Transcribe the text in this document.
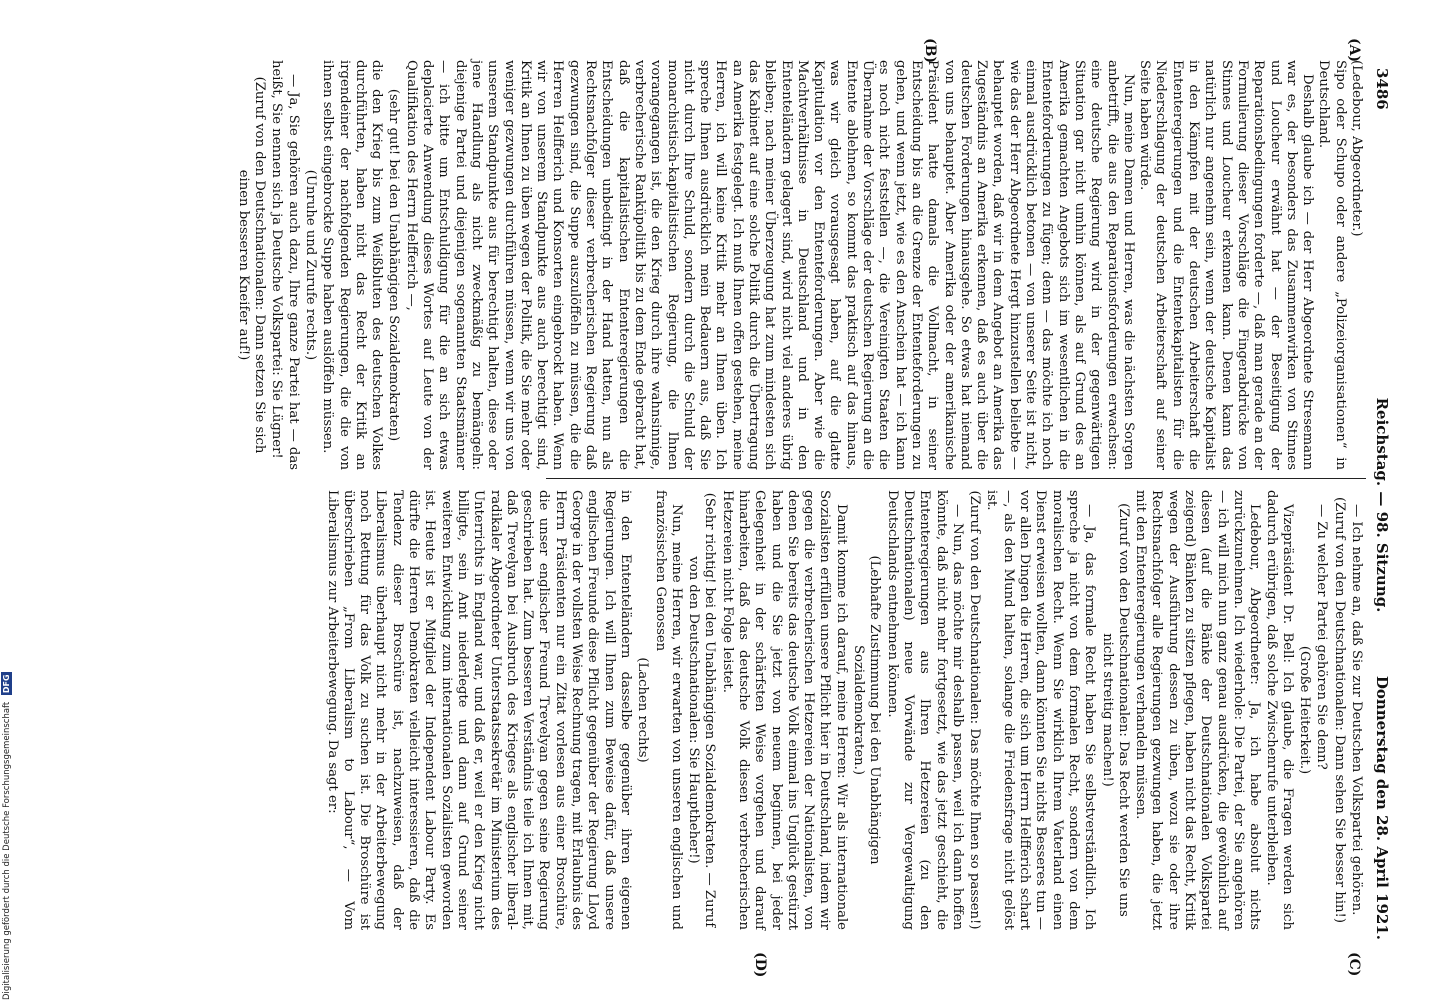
3486
Reichstag. — 98. Sitzung.
Donnerstag den 28. April 1921.
(A)
(B)
(C)
(D)

(Ledebour, Abgeordneter.)

Sipo oder Schupo oder andere „Polizeiorganisationen“ in Deutschland.

Deshalb glaube ich — der Herr Abgeordnete Stresemann war es, der besonders das Zusammenwirken von Stinnes und Loucheur erwähnt hat — der Beseitigung der Reparationsbedingungen forderte —, daß man gerade an der Formulierung dieser Vorschläge die Fingerabdrücke von Stinnes und Loucheur erkennen kann. Denen kann das natürlich nur angenehm sein, wenn der deutsche Kapitalist in den Kämpfen mit der deutschen Arbeiterschaft die Ententeregierungen und die Ententekapitalisten für die Niederschlagung der deutschen Arbeiterschaft auf seiner Seite haben würde.

Nun, meine Damen und Herren, was die nächsten Sorgen anbetrifft, die aus den Reparationsforderungen erwachsen: eine deutsche Regierung wird in der gegenwärtigen Situation gar nicht umhin können, als auf Grund des an Amerika gemachten Angebots sich im wesentlichen in die Ententeforderungen zu fügen; denn — das möchte ich noch einmal ausdrücklich betonen — von unserer Seite ist nicht, wie das der Herr Abgeordnete Hergt hinzustellen beliebte — behauptet worden, daß wir in dem Angebot an Amerika das Zugeständnis an Amerika erkennen, daß es auch über die deutschen Forderungen hinausgehe. So etwas hat niemand von uns behauptet. Aber Amerika oder der amerikanische Präsident hatte damals die Vollmacht, in seiner Entscheidung bis an die Grenze der Ententeforderungen zu gehen, und wenn jetzt, wie es den Anschein hat — ich kann es noch nicht feststellen —, die Vereinigten Staaten die Übernahme der Vorschläge der deutschen Regierung an die Entente ablehnen, so kommt das praktisch auf das hinaus, was wir gleich vorausgesagt haben, auf die glatte Kapitulation vor den Ententeforderungen. Aber wie die Machtverhältnisse in Deutschland und in den Ententeländern gelagert sind, wird nicht viel anderes übrig bleiben; nach meiner Überzeugung hat zum mindesten sich das Kabinett auf eine solche Politik durch die Übertragung an Amerika festgelegt. Ich muß Ihnen offen gestehen, meine Herren, ich will keine Kritik mehr an Ihnen üben. Ich spreche Ihnen ausdrücklich mein Bedauern aus, daß Sie nicht durch Ihre Schuld, sondern durch die Schuld der monarchistisch-kapitalistischen Regierung, die Ihnen vorangegangen ist, die den Krieg durch ihre wahnsinnige, verbrecherische Ranküpolitik bis zu dem Ende gebracht hat, daß die kapitalistischen Ententeregierungen die Entscheidungen unbedingt in der Hand hatten, nun als Rechtsnachfolger dieser verbrecherischen Regierung daß gezwungen sind, die Suppe auszulöffeln zu müssen, die die Herren Helfferich und Konsorten eingebrockt haben. Wenn wir von unserem Standpunkte aus auch berechtigt sind, Kritik an Ihnen zu üben wegen der Politik, die Sie mehr oder weniger gezwungen durchführen müssen, wenn wir uns von unserem Standpunkte aus für berechtigt halten, diese oder jene Handlung als nicht zweckmäßig zu bemängeln: diejenige Partei und diejenigen sogenannten Staatsmänner — ich bitte um Entschuldigung für die an sich etwas deplacierte Anwendung dieses Wortes auf Leute von der Qualifikation des Herrn Helfferich —,

(sehr gut! bei den Unabhängigen Sozialdemokraten)

die den Krieg bis zum Weißbluten des deutschen Volkes durchführten, haben nicht das Recht der Kritik an irgendeiner der nachfolgenden Regierungen, die die von ihnen selbst eingebrockte Suppe haben auslöffeln müssen.

(Unruhe und Zurufe rechts.)

— Ja, Sie gehören auch dazu, Ihre ganze Partei hat — das heißt, Sie nennen sich ja Deutsche Volkspartei: Sie Lügner!

(Zuruf von den Deutschnationalen: Dann setzen Sie sich einen besseren Kneifer auf!)

— Ich nehme an, daß Sie zur Deutschen Volkspartei gehören.

(Zuruf von den Deutschnationalen: Dann sehen Sie besser hin!)

— Zu welcher Partei gehören Sie denn?

(Große Heiterkeit.)

Vizepräsident Dr. Bell: Ich glaube, die Fragen werden sich dadurch erübrigen, daß solche Zwischenrufe unterbleiben.

Ledebour, Abgeordneter: Ja, ich habe absolut nichts zurückzunehmen. Ich wiederhole: Die Partei, der Sie angehören — ich will mich nun ganz genau ausdrücken, die gewöhnlich auf diesen (auf die Bänke der Deutschnationalen Volkspartei zeigend) Bänken zu sitzen pflegen, haben nicht das Recht, Kritik wegen der Ausführung dessen zu üben, wozu sie oder ihre Rechtsnachfolger alle Regierungen gezwungen haben, die jetzt mit den Ententeregierungen verhandeln müssen.

(Zuruf von den Deutschnationalen: Das Recht werden Sie uns nicht streitig machen!)

— Ja, das formale Recht haben Sie selbstverständlich. Ich spreche ja nicht von dem formalen Recht, sondern von dem moralischen Recht. Wenn Sie wirklich Ihrem Vaterland einen Dienst erweisen wollten, dann könnten Sie nichts Besseres tun — vor allen Dingen die Herren, die sich um Herrn Helfferich schart —, als den Mund halten, solange die Friedensfrage nicht gelöst ist.

(Zuruf von den Deutschnationalen: Das möchte Ihnen so passen!)

— Nun, das möchte mir deshalb passen, weil ich dann hoffen könnte, daß nicht mehr fortgesetzt, wie das jetzt geschieht, die Ententeregierungen aus Ihren Hetzereien (zu den Deutschnationalen) neue Vorwände zur Vergewaltigung Deutschlands entnehmen können.

(Lebhafte Zustimmung bei den Unabhängigen Sozialdemokraten.)

Damit komme ich darauf, meine Herren: Wir als internationale Sozialisten erfüllen unsere Pflicht hier in Deutschland, indem wir gegen die verbrecherischen Hetzereien der Nationalisten, von denen Sie bereits das deutsche Volk einmal ins Unglück gestürzt haben und die Sie jetzt von neuem beginnen, bei jeder Gelegenheit in der schärfsten Weise vorgehen und darauf hinarbeiten, daß das deutsche Volk diesen verbrecherischen Hetzereien nicht Folge leistet.

(Sehr richtig! bei den Unabhängigen Sozialdemokraten. — Zuruf von den Deutschnationalen: Sie Hauptheher!)

Nun, meine Herren, wir erwarten von unseren englischen und französischen Genossen

(Lachen rechts)

in den Ententeländern dasselbe gegenüber ihren eigenen Regierungen. Ich will Ihnen zum Beweise dafür, daß unsere englischen Freunde diese Pflicht gegenüber der Regierung Lloyd George in der vollsten Weise Rechnung tragen, mit Erlaubnis des Herrn Präsidenten nur ein Zitat vorlesen aus einer Broschüre, die unser englischer Freund Trevelyan gegen seine Regierung geschrieben hat. Zum besseren Verständnis teile ich Ihnen mit, daß Trevelyan bei Ausbruch des Krieges als englischer liberal-radikaler Abgeordneter Unterstaatssekretär im Ministerium des Unterrichts in England war, und daß er, weil er den Krieg nicht billigte, sein Amt niederlegte und dann auf Grund seiner weiteren Entwicklung zum internationalen Sozialisten geworden ist. Heute ist er Mitglied der Independent Labour Party. Es dürfte die Herren Demokraten vielleicht interessieren, daß die Tendenz dieser Broschüre ist, nachzuweisen, daß der Liberalismus überhaupt nicht mehr in der Arbeiterbewegung noch Rettung für das Volk zu suchen ist. Die Broschüre ist überschrieben „From Liberalism to Labour“, — Vom Liberalismus zur Arbeiterbewegung. Da sagt er:

Digitalisierung gefördert durch die Deutsche Forschungsgemeinschaft DFG
